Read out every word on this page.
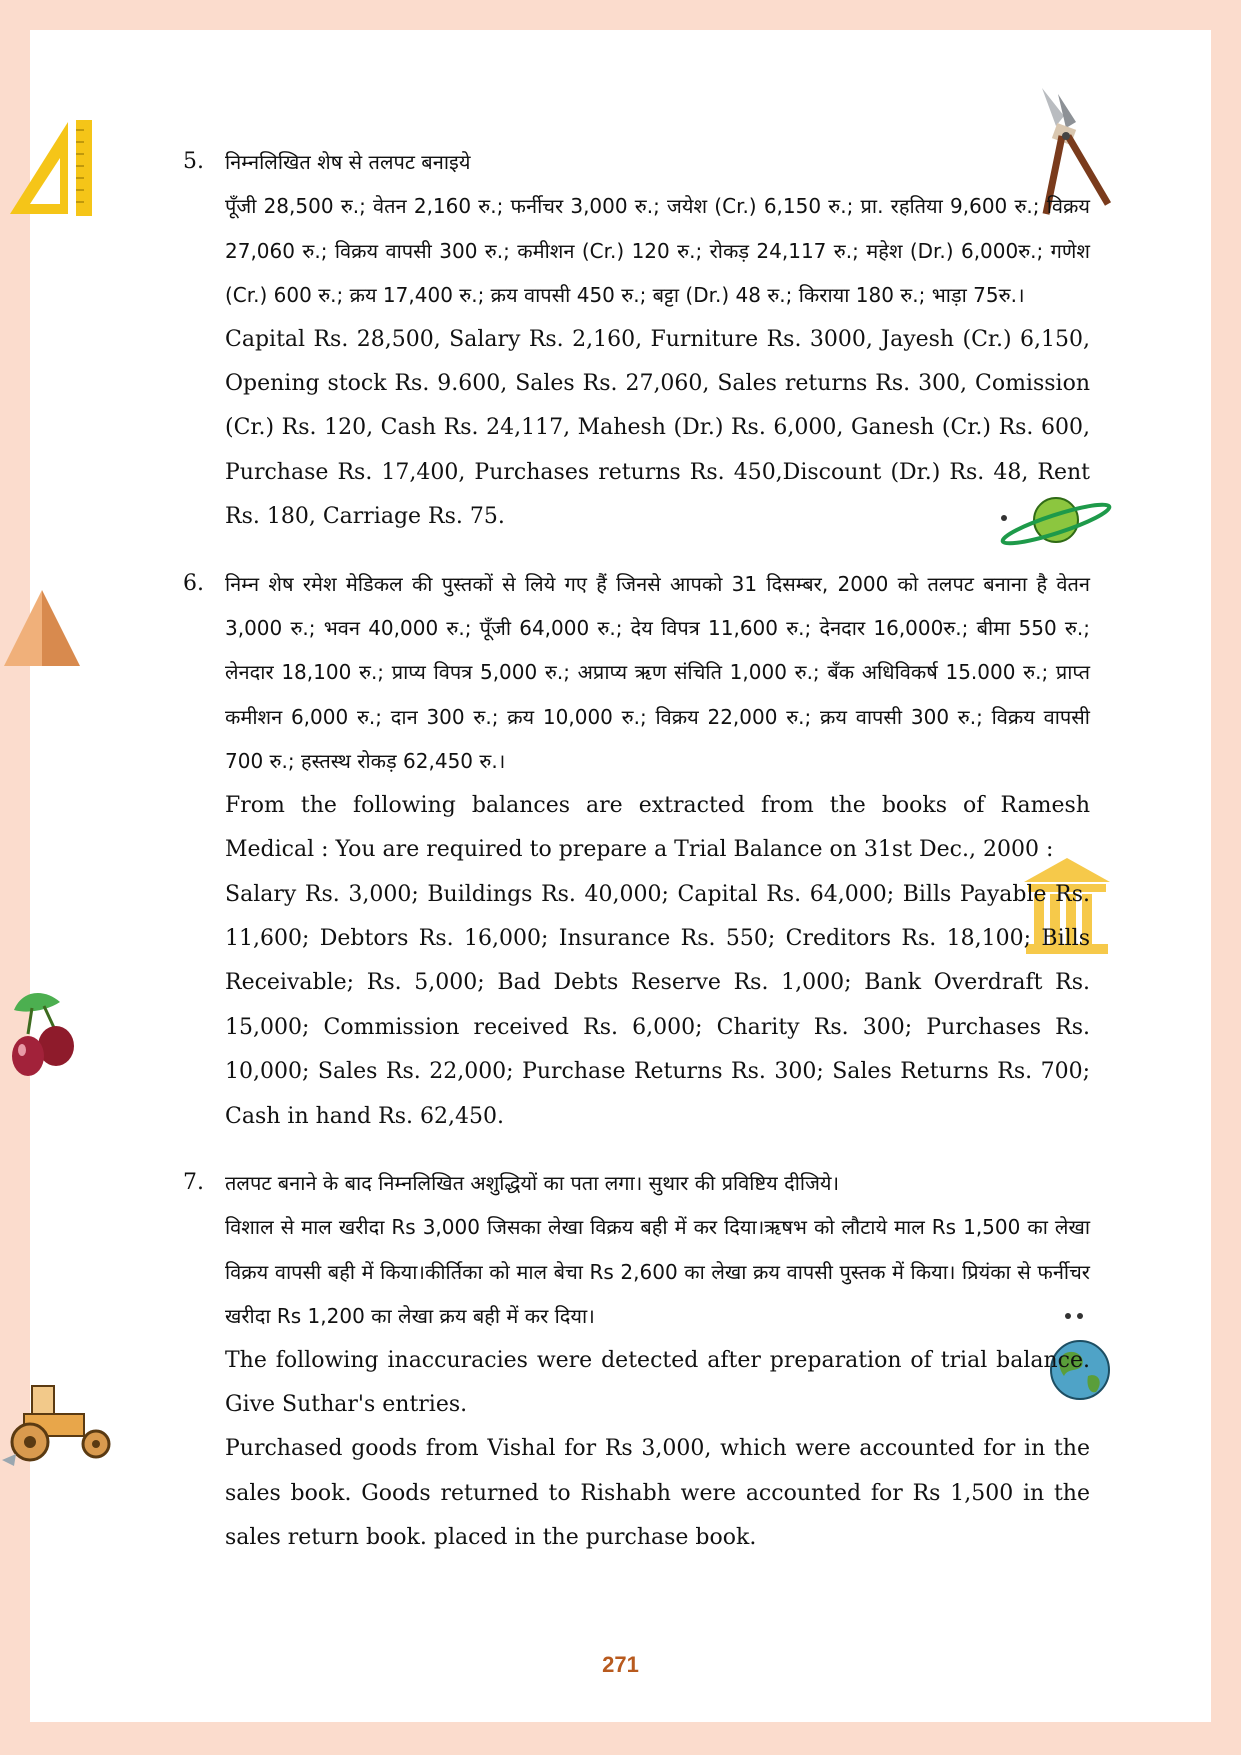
5. निम्नलिखित शेष से तलपट बनाइये

पूँजी 28,500 रु.; वेतन 2,160 रु.; फर्नीचर 3,000 रु.; जयेश (Cr.) 6,150 रु.; प्रा. रहतिया 9,600 रु.; विक्रय 27,060 रु.; विक्रय वापसी 300 रु.; कमीशन (Cr.) 120 रु.; रोकड़ 24,117 रु.; महेश (Dr.) 6,000रु.; गणेश (Cr.) 600 रु.; क्रय 17,400 रु.; क्रय वापसी 450 रु.; बट्टा (Dr.) 48 रु.; किराया 180 रु.; भाड़ा 75रु.।

Capital Rs. 28,500, Salary Rs. 2,160, Furniture Rs. 3000, Jayesh (Cr.) 6,150, Opening stock Rs. 9.600, Sales Rs. 27,060, Sales returns Rs. 300, Comission (Cr.) Rs. 120, Cash Rs. 24,117, Mahesh (Dr.) Rs. 6,000, Ganesh (Cr.) Rs. 600, Purchase Rs. 17,400, Purchases returns Rs. 450,Discount (Dr.) Rs. 48, Rent Rs. 180, Carriage Rs. 75.

6. निम्न शेष रमेश मेडिकल की पुस्तकों से लिये गए हैं जिनसे आपको 31 दिसम्बर, 2000 को तलपट बनाना है वेतन 3,000 रु.; भवन 40,000 रु.; पूँजी 64,000 रु.; देय विपत्र 11,600 रु.; देनदार 16,000रु.; बीमा 550 रु.; लेनदार 18,100 रु.; प्राप्य विपत्र 5,000 रु.; अप्राप्य ऋण संचिति 1,000 रु.; बँक अधिविकर्ष 15.000 रु.; प्राप्त कमीशन 6,000 रु.; दान 300 रु.; क्रय 10,000 रु.; विक्रय 22,000 रु.; क्रय वापसी 300 रु.; विक्रय वापसी 700 रु.; हस्तस्थ रोकड़ 62,450 रु.।

From the following balances are extracted from the books of Ramesh Medical : You are required to prepare a Trial Balance on 31st Dec., 2000 :

Salary Rs. 3,000; Buildings Rs. 40,000; Capital Rs. 64,000; Bills Payable Rs. 11,600; Debtors Rs. 16,000; Insurance Rs. 550; Creditors Rs. 18,100; Bills Receivable; Rs. 5,000; Bad Debts Reserve Rs. 1,000; Bank Overdraft Rs. 15,000; Commission received Rs. 6,000; Charity Rs. 300; Purchases Rs. 10,000; Sales Rs. 22,000; Purchase Returns Rs. 300; Sales Returns Rs. 700; Cash in hand Rs. 62,450.

7. तलपट बनाने के बाद निम्नलिखित अशुद्धियों का पता लगा। सुथार की प्रविष्टिय दीजिये।

विशाल से माल खरीदा Rs 3,000 जिसका लेखा विक्रय बही में कर दिया।ऋषभ को लौटाये माल Rs 1,500 का लेखा विक्रय वापसी बही में किया।कीर्तिका को माल बेचा Rs 2,600 का लेखा क्रय वापसी पुस्तक में किया। प्रियंका से फर्नीचर खरीदा Rs 1,200 का लेखा क्रय बही में कर दिया।

The following inaccuracies were detected after preparation of trial balance. Give Suthar's entries.

Purchased goods from Vishal for Rs 3,000, which were accounted for in the sales book. Goods returned to Rishabh were accounted for Rs 1,500 in the sales return book. placed in the purchase book.

271
